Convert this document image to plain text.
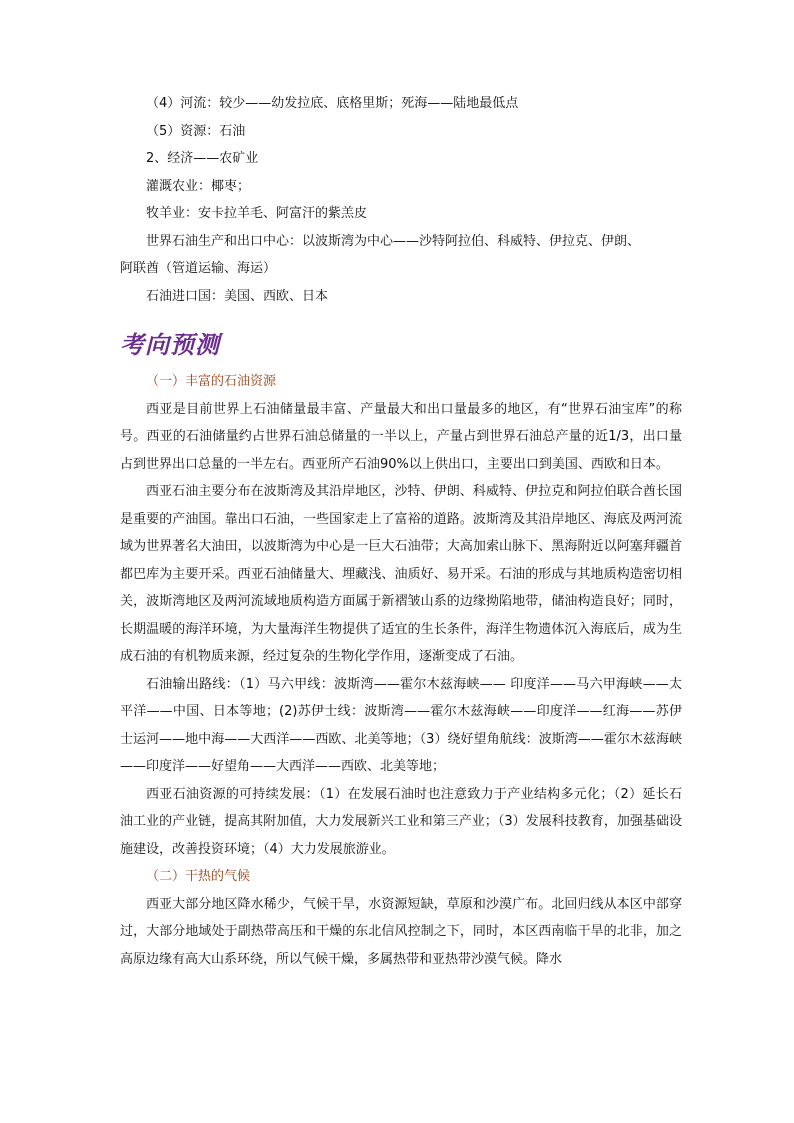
（4）河流：较少——幼发拉底、底格里斯；死海——陆地最低点

（5）资源：石油

2、经济——农矿业

灌溉农业：椰枣；

牧羊业：安卡拉羊毛、阿富汗的紫羔皮

世界石油生产和出口中心：以波斯湾为中心——沙特阿拉伯、科威特、伊拉克、伊朗、

阿联酋（管道运输、海运）

石油进口国：美国、西欧、日本

考向预测

（一）丰富的石油资源

西亚是目前世界上石油储量最丰富、产量最大和出口量最多的地区，有“世界石油宝库”的称号。西亚的石油储量约占世界石油总储量的一半以上，产量占到世界石油总产量的近1/3，出口量占到世界出口总量的一半左右。西亚所产石油90%以上供出口，主要出口到美国、西欧和日本。

西亚石油主要分布在波斯湾及其沿岸地区，沙特、伊朗、科威特、伊拉克和阿拉伯联合酋长国是重要的产油国。靠出口石油，一些国家走上了富裕的道路。波斯湾及其沿岸地区、海底及两河流域为世界著名大油田，以波斯湾为中心是一巨大石油带；大高加索山脉下、黑海附近以阿塞拜疆首都巴库为主要开采。西亚石油储量大、埋藏浅、油质好、易开采。石油的形成与其地质构造密切相关，波斯湾地区及两河流域地质构造方面属于新褶皱山系的边缘拗陷地带，储油构造良好；同时，长期温暖的海洋环境，为大量海洋生物提供了适宜的生长条件，海洋生物遗体沉入海底后，成为生成石油的有机物质来源，经过复杂的生物化学作用，逐渐变成了石油。

石油输出路线：（1）马六甲线：波斯湾——霍尔木兹海峡—— 印度洋——马六甲海峡——太平洋——中国、日本等地；(2)苏伊士线：波斯湾——霍尔木兹海峡——印度洋——红海——苏伊士运河——地中海——大西洋——西欧、北美等地；（3）绕好望角航线：波斯湾——霍尔木兹海峡——印度洋——好望角——大西洋——西欧、北美等地；

西亚石油资源的可持续发展：（1）在发展石油时也注意致力于产业结构多元化；（2）延长石油工业的产业链，提高其附加值，大力发展新兴工业和第三产业；（3）发展科技教育，加强基础设施建设，改善投资环境；（4）大力发展旅游业。

（二）干热的气候

西亚大部分地区降水稀少，气候干旱，水资源短缺，草原和沙漠广布。北回归线从本区中部穿过，大部分地域处于副热带高压和干燥的东北信风控制之下，同时，本区西南临干旱的北非，加之高原边缘有高大山系环绕，所以气候干燥，多属热带和亚热带沙漠气候。降水
